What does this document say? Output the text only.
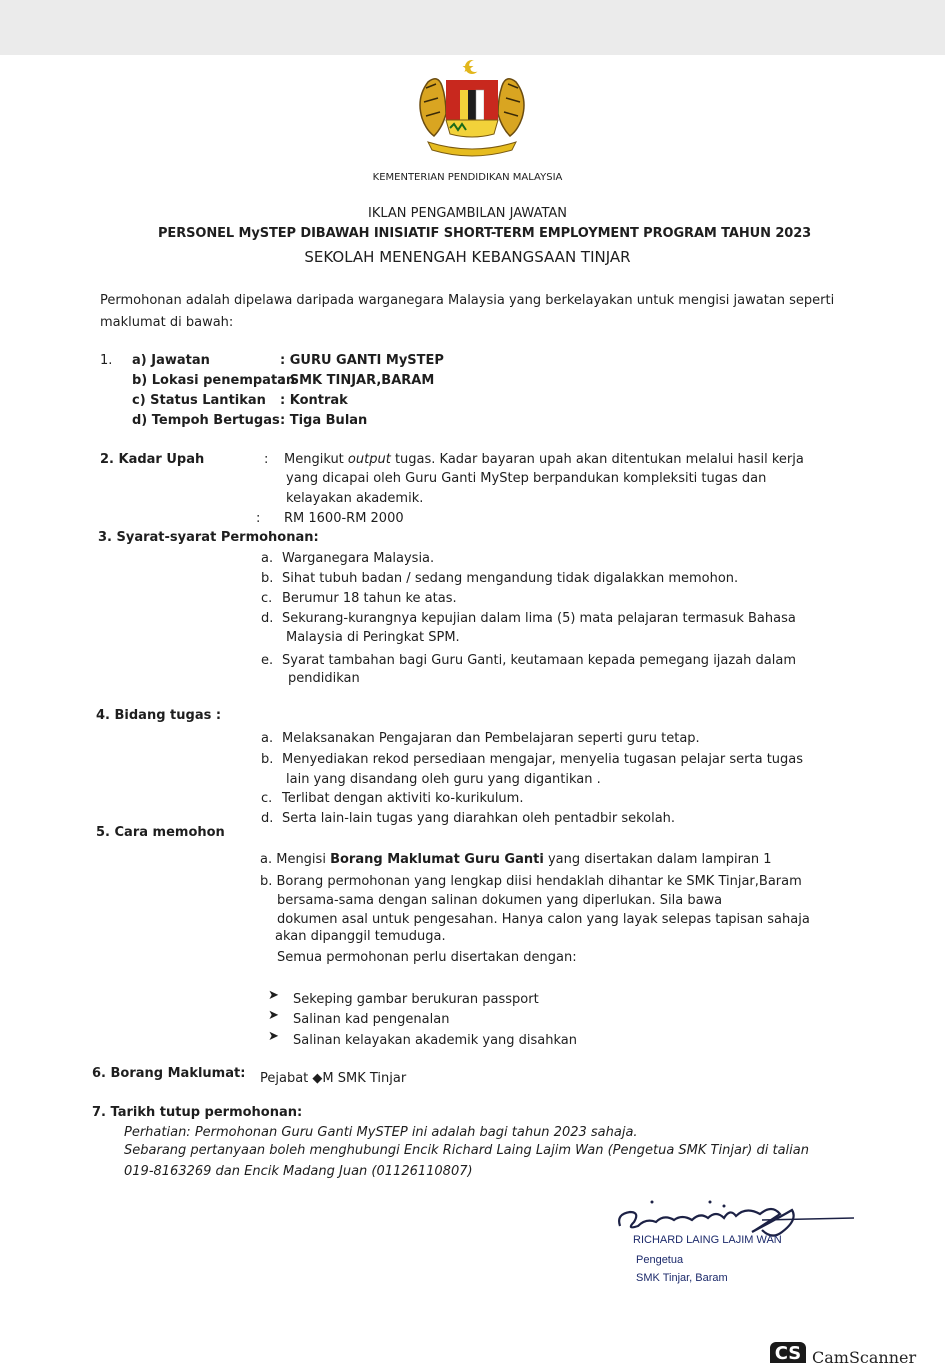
KEMENTERIAN PENDIDIKAN MALAYSIA
IKLAN PENGAMBILAN JAWATAN
PERSONEL MySTEP DIBAWAH INISIATIF SHORT-TERM EMPLOYMENT PROGRAM TAHUN 2023
SEKOLAH MENENGAH KEBANGSAAN TINJAR
Permohonan adalah dipelawa daripada warganegara Malaysia yang berkelayakan untuk mengisi jawatan seperti maklumat di bawah:
1. a) Jawatan	: GURU GANTI MySTEP
b) Lokasi penempatan
: SMK TINJAR,BARAM
c) Status Lantikan : Kontrak
d) Tempoh Bertugas : Tiga Bulan
2. Kadar Upah	: Mengikut output tugas. Kadar bayaran upah akan ditentukan melalui hasil kerja
yang dicapai oleh Guru Ganti MyStep berpandukan kompleksiti tugas dan
kelayakan akademik.
: RM 1600-RM 2000
3. Syarat-syarat Permohonan:
a. Warganegara Malaysia.
b. Sihat tubuh badan / sedang mengandung tidak digalakkan memohon.
c. Berumur 18 tahun ke atas.
d. Sekurang-kurangnya kepujian dalam lima (5) mata pelajaran termasuk Bahasa
Malaysia di Peringkat SPM.
e. Syarat tambahan bagi Guru Ganti, keutamaan kepada pemegang ijazah dalam
pendidikan
4. Bidang tugas :
a. Melaksanakan Pengajaran dan Pembelajaran seperti guru tetap.
b. Menyediakan rekod persediaan mengajar, menyelia tugasan pelajar serta tugas
lain yang disandang oleh guru yang digantikan .
c. Terlibat dengan aktiviti ko-kurikulum.
d. Serta lain-lain tugas yang diarahkan oleh pentadbir sekolah.
5. Cara memohon
a. Mengisi Borang Maklumat Guru Ganti yang disertakan dalam lampiran 1
b. Borang permohonan yang lengkap diisi hendaklah dihantar ke SMK Tinjar,Baram
bersama-sama dengan salinan dokumen yang diperlukan. Sila bawa
dokumen asal untuk pengesahan. Hanya calon yang layak selepas tapisan sahaja
akan dipanggil temuduga.
Semua permohonan perlu disertakan dengan:
➤ Sekeping gambar berukuran passport
➤ Salinan kad pengenalan
➤ Salinan kelayakan akademik yang disahkan
6. Borang Maklumat: Pejabat ◆M SMK Tinjar
7. Tarikh tutup permohonan:
Perhatian: Permohonan Guru Ganti MySTEP ini adalah bagi tahun 2023 sahaja.
Sebarang pertanyaan boleh menghubungi Encik Richard Laing Lajim Wan (Pengetua SMK Tinjar) di talian
019-8163269 dan Encik Madang Juan (01126110807)
RICHARD LAING LAJIM WAN
Pengetua
SMK Tinjar, Baram
CS CamScanner
